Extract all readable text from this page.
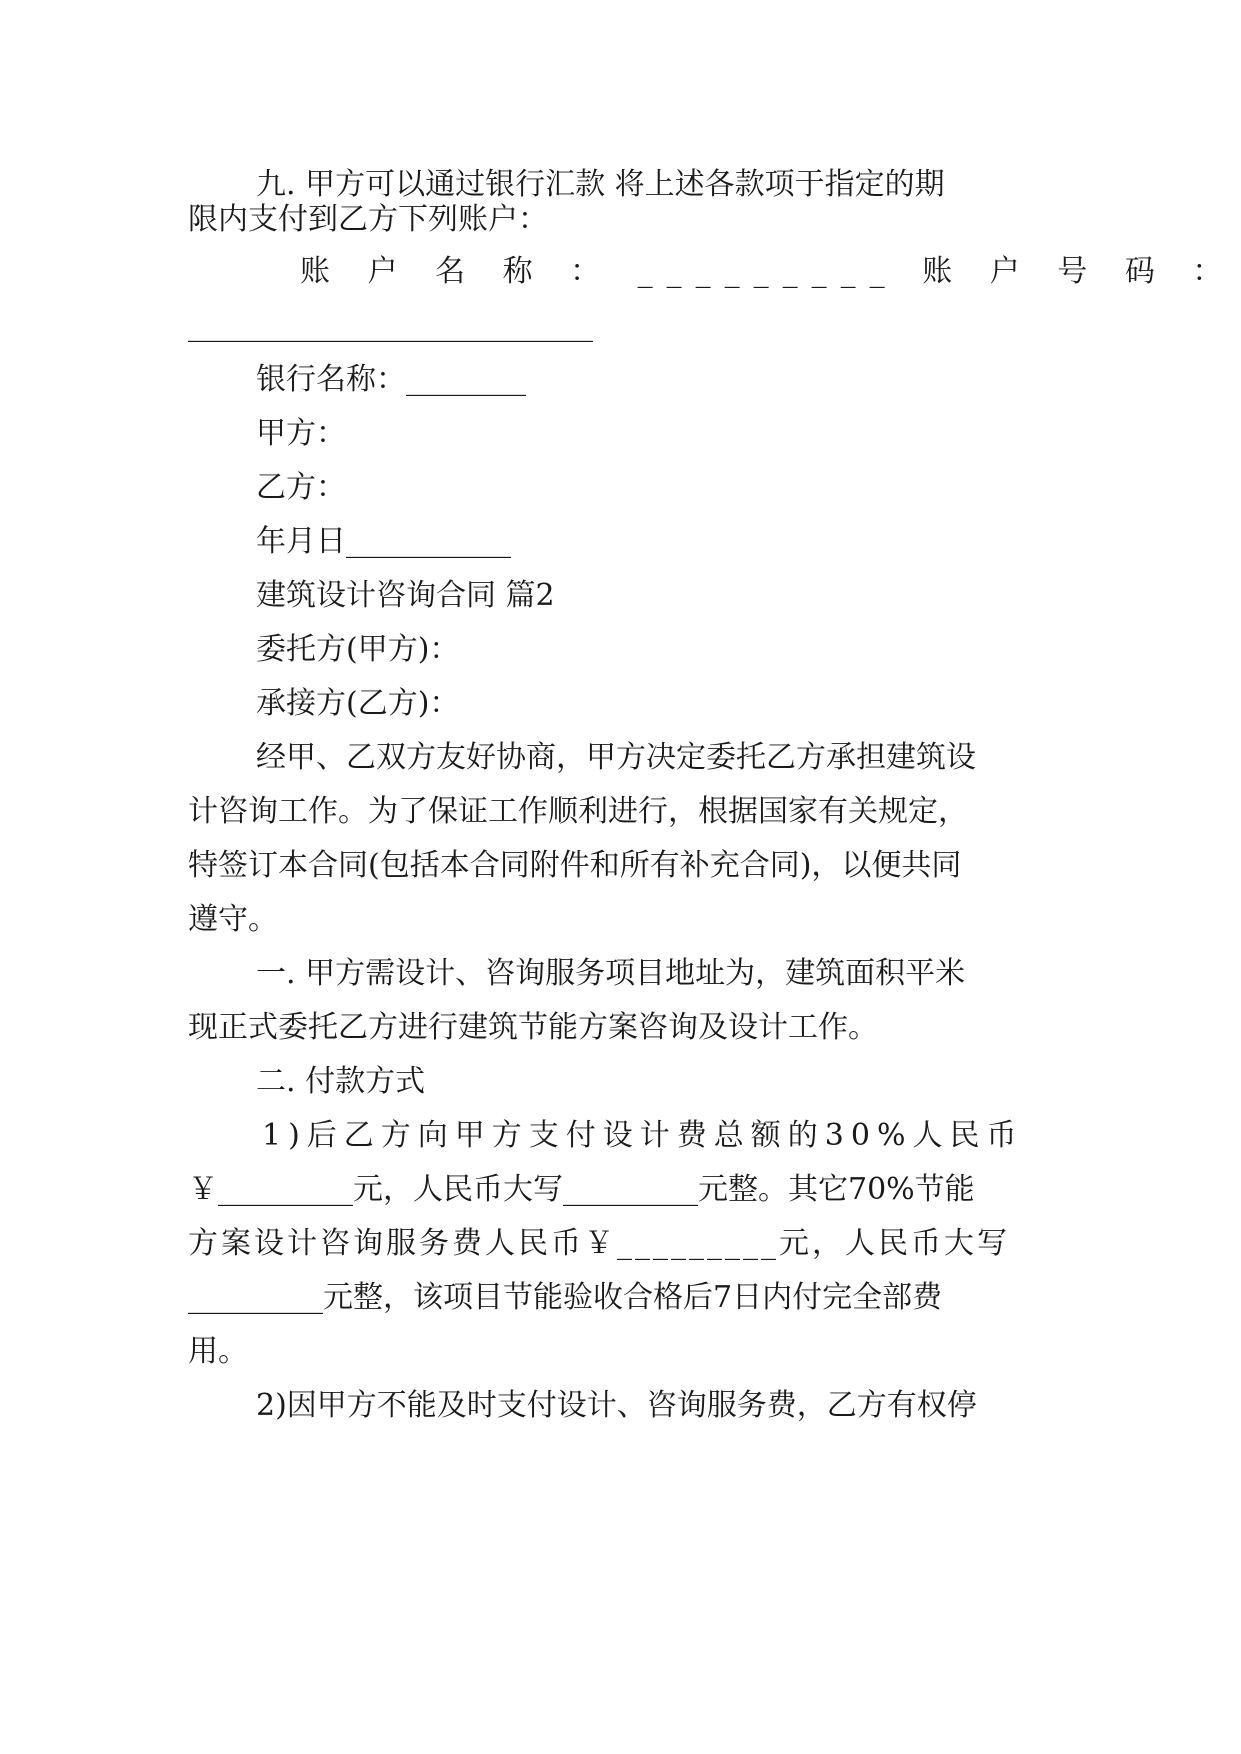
九. 甲方可以通过银行汇款 将上述各款项于指定的期
限内支付到乙方下列账户：
账 户 名 称 ： _________ 账 户 号 码 ：
___________________________
银行名称：________
甲方：
乙方：
年月日___________
建筑设计咨询合同 篇2
委托方(甲方)：
承接方(乙方)：
经甲、乙双方友好协商，甲方决定委托乙方承担建筑设
计咨询工作。为了保证工作顺利进行，根据国家有关规定，
特签订本合同(包括本合同附件和所有补充合同)，以便共同
遵守。
一. 甲方需设计、咨询服务项目地址为，建筑面积平米
现正式委托乙方进行建筑节能方案咨询及设计工作。
二. 付款方式
1)后乙方向甲方支付设计费总额的30%人民币
￥_________元，人民币大写_________元整。其它70%节能
方案设计咨询服务费人民币￥_________元，人民币大写
_________元整，该项目节能验收合格后7日内付完全部费
用。
2)因甲方不能及时支付设计、咨询服务费，乙方有权停
